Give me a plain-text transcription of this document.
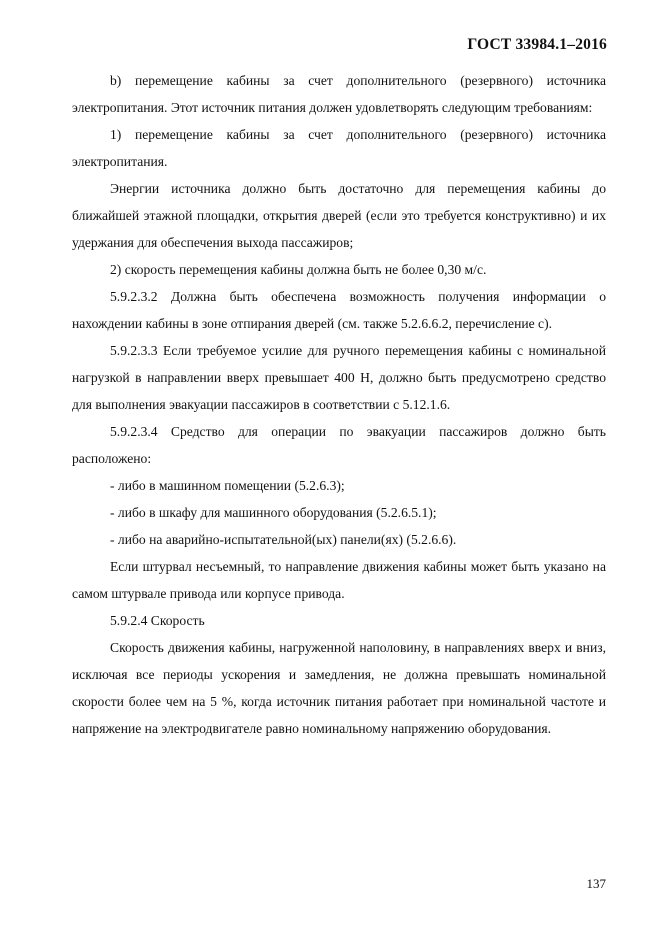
ГОСТ 33984.1–2016

b) перемещение кабины за счет дополнительного (резервного) источника электропитания. Этот источник питания должен удовлетворять следующим требованиям:

1) перемещение кабины за счет дополнительного (резервного) источника электропитания.

Энергии источника должно быть достаточно для перемещения кабины до ближайшей этажной площадки, открытия дверей (если это требуется конструктивно) и их удержания для обеспечения выхода пассажиров;

2) скорость перемещения кабины должна быть не более 0,30 м/с.

5.9.2.3.2 Должна быть обеспечена возможность получения информации о нахождении кабины в зоне отпирания дверей (см. также 5.2.6.6.2, перечисление с).

5.9.2.3.3 Если требуемое усилие для ручного перемещения кабины с номинальной нагрузкой в направлении вверх превышает 400 Н, должно быть предусмотрено средство для выполнения эвакуации пассажиров в соответствии с 5.12.1.6.

5.9.2.3.4 Средство для операции по эвакуации пассажиров должно быть расположено:

- либо в машинном помещении (5.2.6.3);

- либо в шкафу для машинного оборудования (5.2.6.5.1);

- либо на аварийно-испытательной(ых) панели(ях) (5.2.6.6).

Если штурвал несъемный, то направление движения кабины может быть указано на самом штурвале привода или корпусе привода.

5.9.2.4 Скорость

Скорость движения кабины, нагруженной наполовину, в направлениях вверх и вниз, исключая все периоды ускорения и замедления, не должна превышать номинальной скорости более чем на 5 %, когда источник питания работает при номинальной частоте и напряжение на электродвигателе равно номинальному напряжению оборудования.

137
